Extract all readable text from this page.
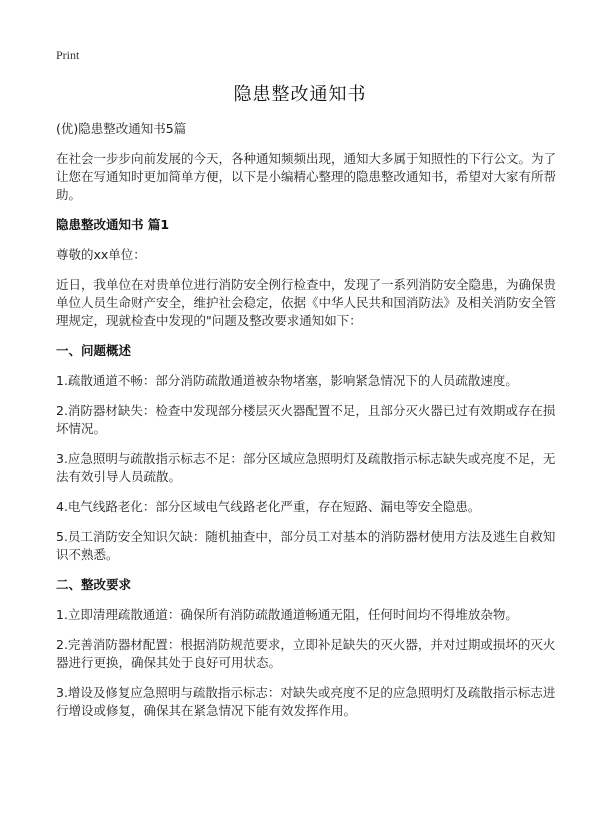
Print
隐患整改通知书

(优)隐患整改通知书5篇

在社会一步步向前发展的今天，各种通知频频出现，通知大多属于知照性的下行公文。为了让您在写通知时更加简单方便，以下是小编精心整理的隐患整改通知书，希望对大家有所帮助。

隐患整改通知书 篇1

尊敬的xx单位：

近日，我单位在对贵单位进行消防安全例行检查中，发现了一系列消防安全隐患，为确保贵单位人员生命财产安全，维护社会稳定，依据《中华人民共和国消防法》及相关消防安全管理规定，现就检查中发现的"问题及整改要求通知如下：

一、问题概述

1.疏散通道不畅：部分消防疏散通道被杂物堵塞，影响紧急情况下的人员疏散速度。

2.消防器材缺失：检查中发现部分楼层灭火器配置不足，且部分灭火器已过有效期或存在损坏情况。

3.应急照明与疏散指示标志不足：部分区域应急照明灯及疏散指示标志缺失或亮度不足，无法有效引导人员疏散。

4.电气线路老化：部分区域电气线路老化严重，存在短路、漏电等安全隐患。

5.员工消防安全知识欠缺：随机抽查中，部分员工对基本的消防器材使用方法及逃生自救知识不熟悉。

二、整改要求

1.立即清理疏散通道：确保所有消防疏散通道畅通无阻，任何时间均不得堆放杂物。

2.完善消防器材配置：根据消防规范要求，立即补足缺失的灭火器，并对过期或损坏的灭火器进行更换，确保其处于良好可用状态。

3.增设及修复应急照明与疏散指示标志：对缺失或亮度不足的应急照明灯及疏散指示标志进行增设或修复，确保其在紧急情况下能有效发挥作用。
